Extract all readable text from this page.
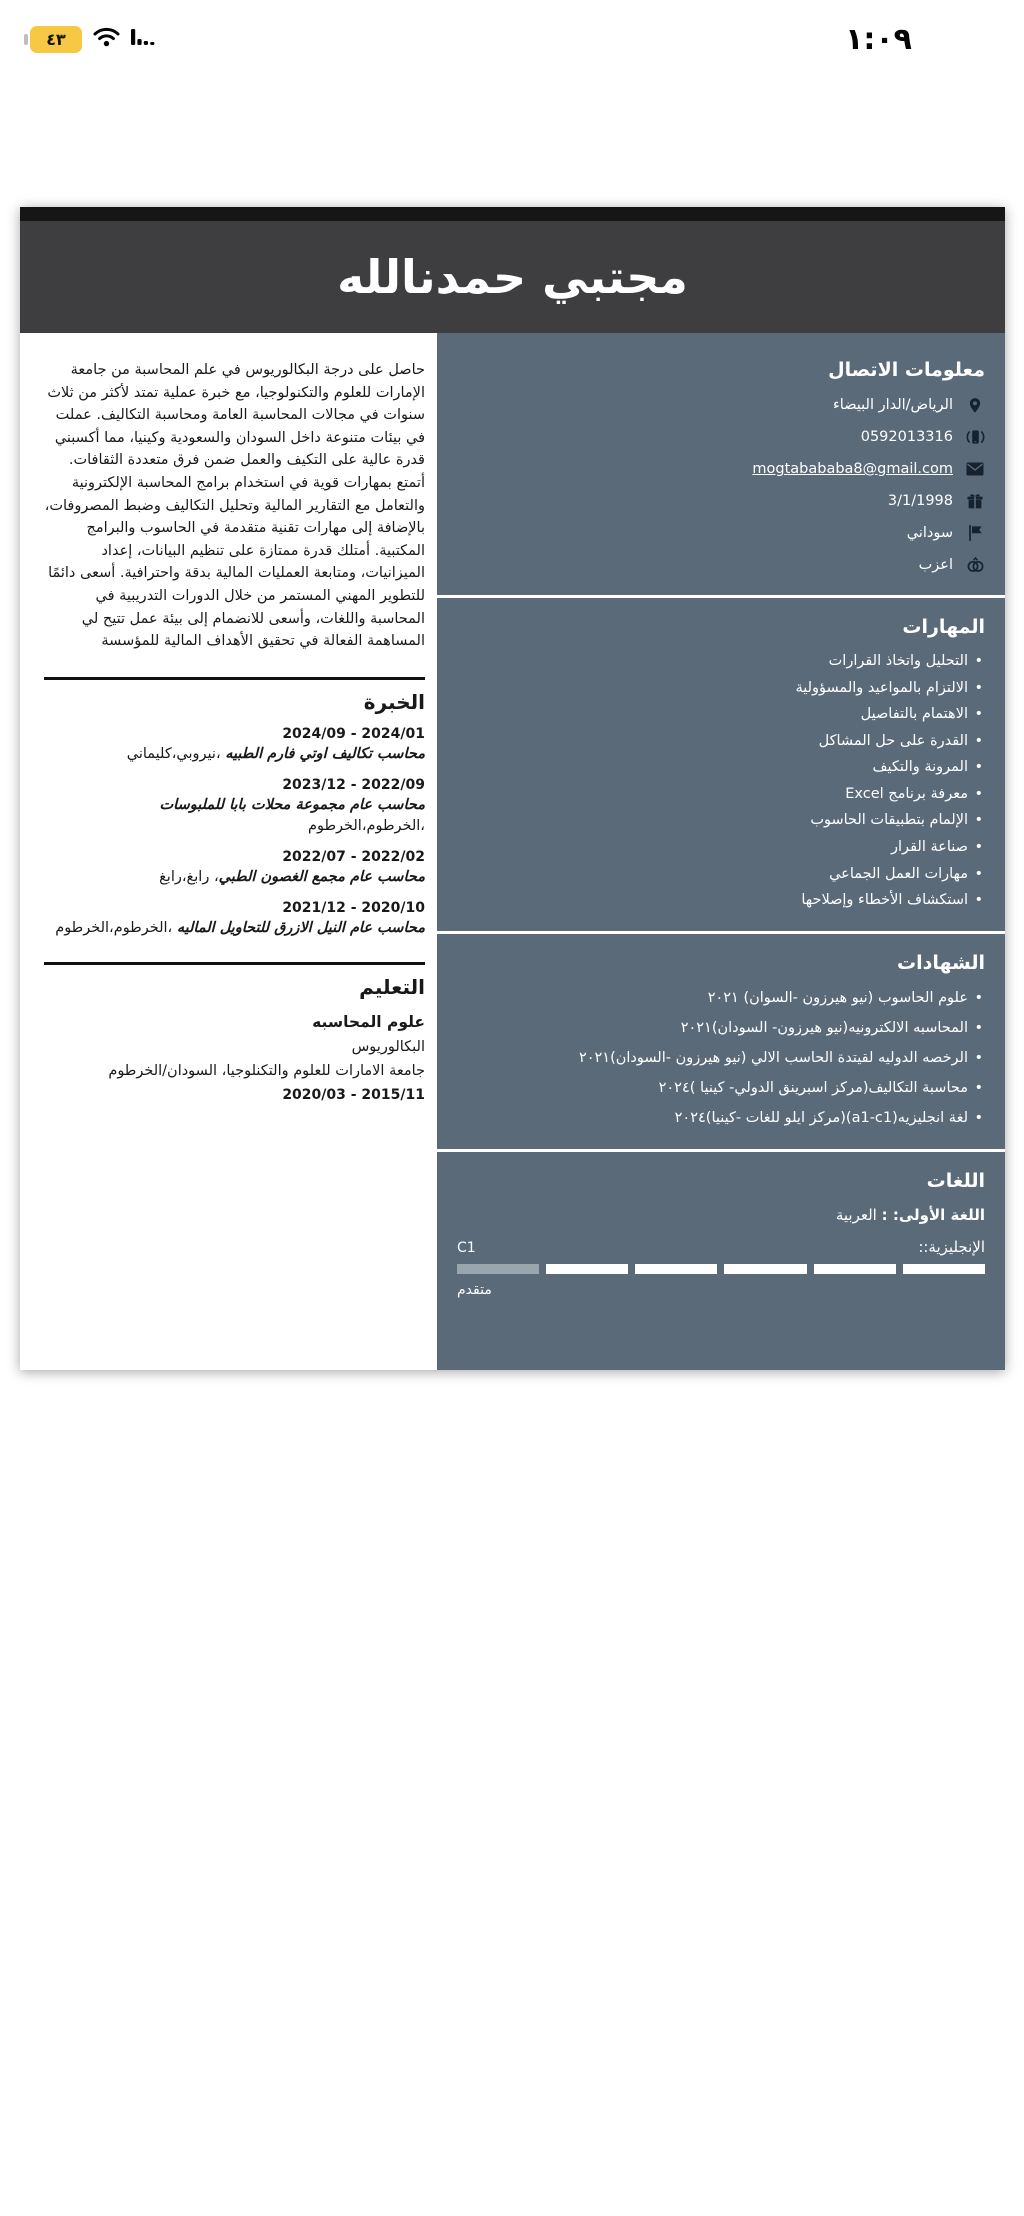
٤٣	١:٠٩
مجتبي حمدنالله
معلومات الاتصال
الرياض/الدار البيضاء
0592013316
mogtabababa8@gmail.com
3/1/1998
سوداني
اعزب
المهارات
• التحليل واتخاذ القرارات
• الالتزام بالمواعيد والمسؤولية
• الاهتمام بالتفاصيل
• القدرة على حل المشاكل
• المرونة والتكيف
• معرفة برنامج Excel
• الإلمام بتطبيقات الحاسوب
• صناعة القرار
• مهارات العمل الجماعي
• استكشاف الأخطاء وإصلاحها
الشهادات
• علوم الحاسوب (نيو هيرزون -السوان) ٢٠٢١
• المحاسبه الالكترونيه(نيو هيرزون- السودان)٢٠٢١
• الرخصه الدوليه لقيتدة الحاسب الالي (نيو هيرزون -السودان)٢٠٢١
• محاسبة التكاليف(مركز اسبرينق الدولي- كينيا )٢٠٢٤
• لغة انجليزيه(a1-c1)(مركز ايلو للغات -كينيا)٢٠٢٤
اللغات

اللغة الأولى: : العربية

الإنجليزية::
C1
متقدم

حاصل على درجة البكالوريوس في علم المحاسبة من جامعة الإمارات للعلوم والتكنولوجيا، مع خبرة عملية تمتد لأكثر من ثلاث سنوات في مجالات المحاسبة العامة ومحاسبة التكاليف. عملت في بيئات متنوعة داخل السودان والسعودية وكينيا، مما أكسبني قدرة عالية على التكيف والعمل ضمن فرق متعددة الثقافات.

أتمتع بمهارات قوية في استخدام برامج المحاسبة الإلكترونية والتعامل مع التقارير المالية وتحليل التكاليف وضبط المصروفات، بالإضافة إلى مهارات تقنية متقدمة في الحاسوب والبرامج المكتبية. أمتلك قدرة ممتازة على تنظيم البيانات، إعداد الميزانيات، ومتابعة العمليات المالية بدقة واحترافية. أسعى دائمًا للتطوير المهني المستمر من خلال الدورات التدريبية في المحاسبة واللغات، وأسعى للانضمام إلى بيئة عمل تتيح لي المساهمة الفعالة في تحقيق الأهداف المالية للمؤسسة

الخبرة
2024/09 - 2024/01

محاسب تكاليف اوتي فارم الطبيه ،نيروبي،كليماني

2023/12 - 2022/09

محاسب عام مجموعة محلات بابا للملبوسات ،الخرطوم،الخرطوم

2022/07 - 2022/02

محاسب عام مجمع الغصون الطبي، رابغ،رابغ

2021/12 - 2020/10

محاسب عام النيل الازرق للتحاويل الماليه ،الخرطوم،الخرطوم

التعليم

علوم المحاسبه

البكالوريوس

جامعة الامارات للعلوم والتكنلوجيا، السودان/الخرطوم

2020/03 - 2015/11
